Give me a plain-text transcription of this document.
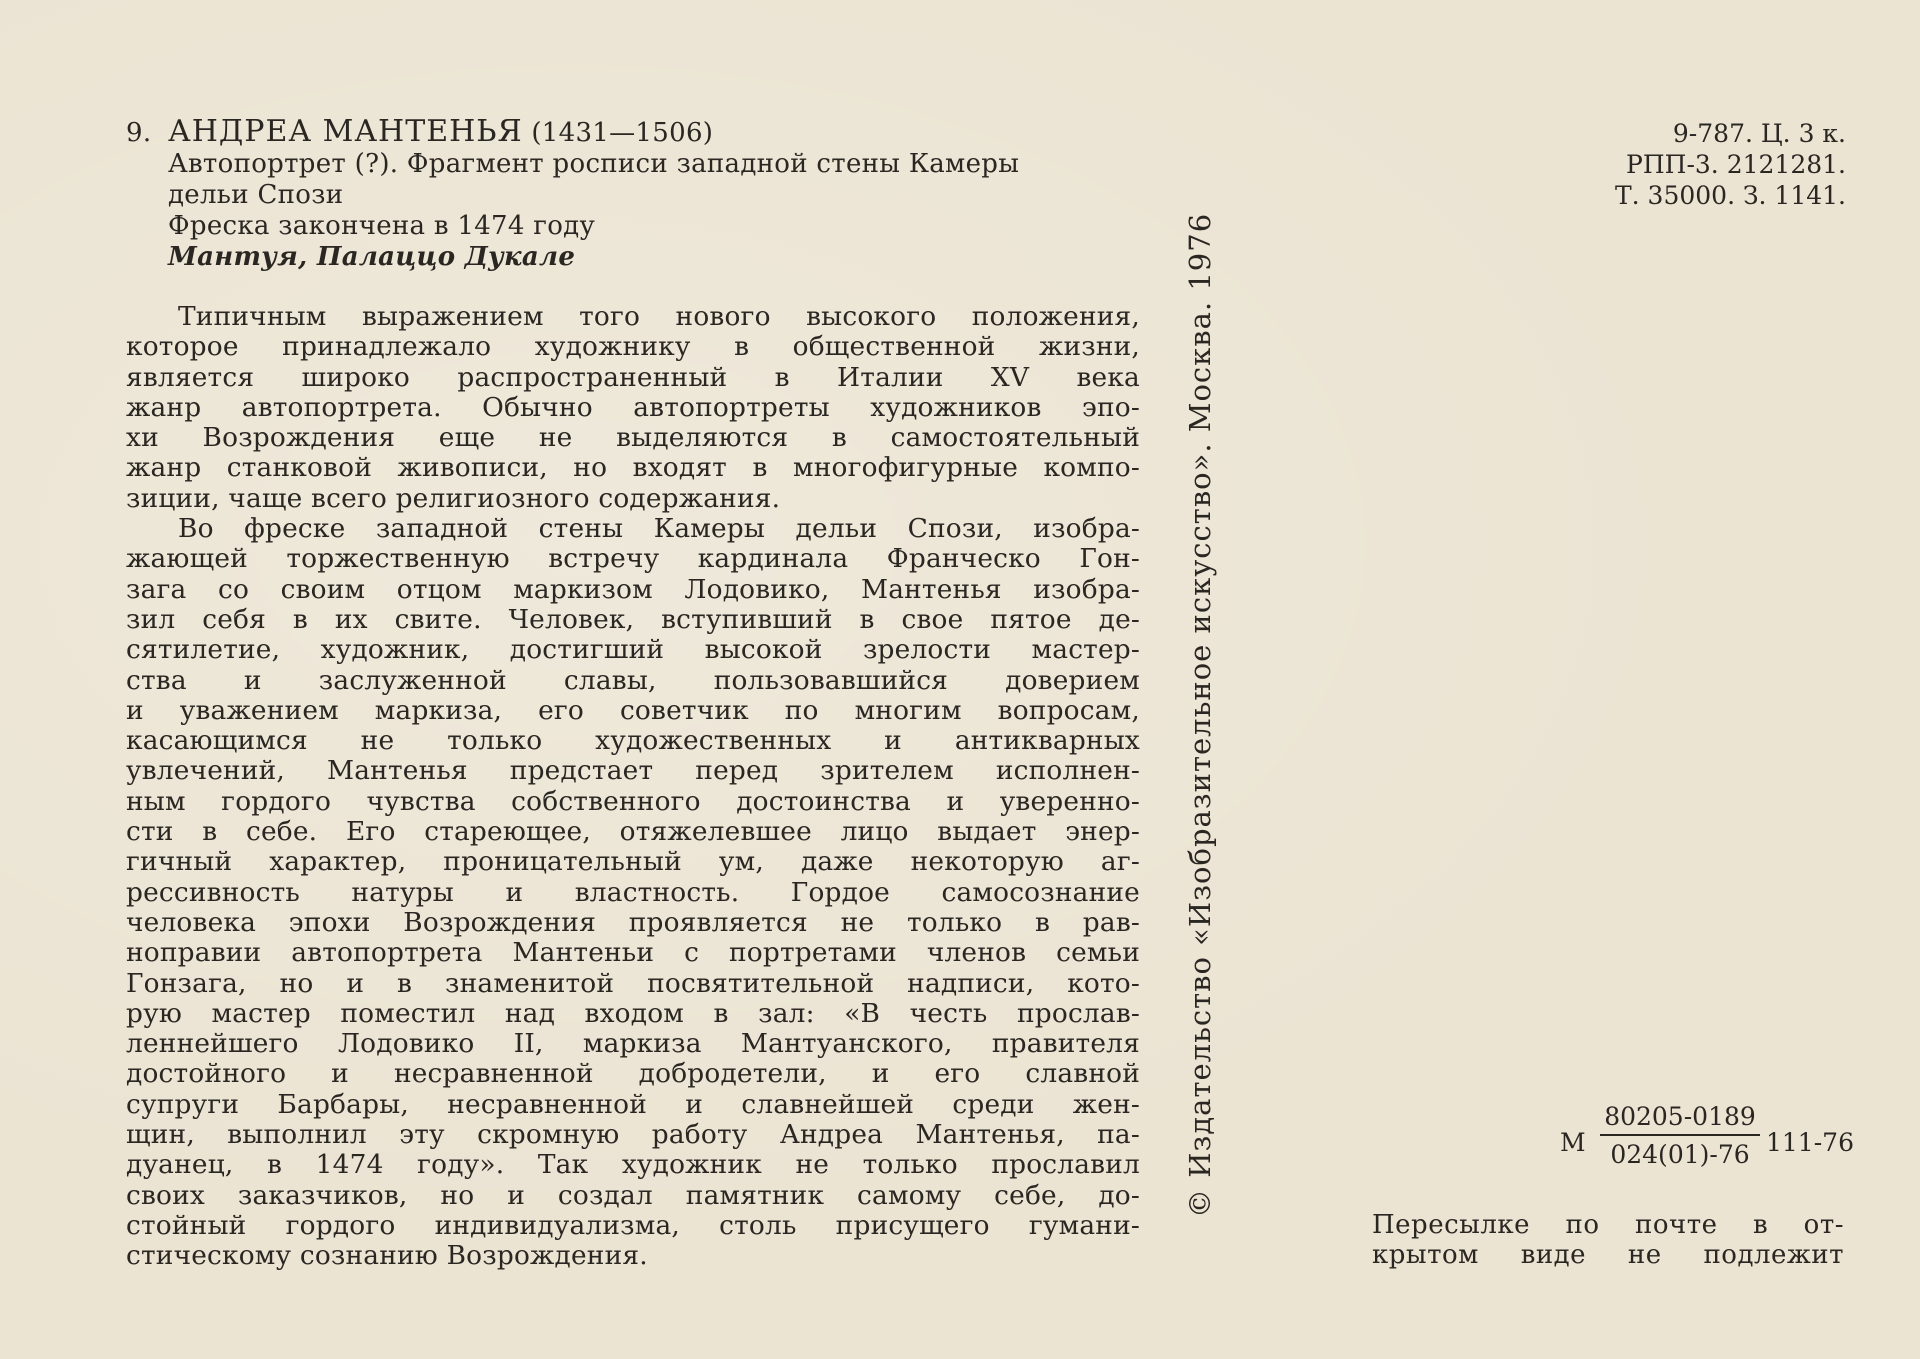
9. АНДРЕА МАНТЕНЬЯ (1431—1506)
Автопортрет (?). Фрагмент росписи западной стены Камеры
дельи Спози
Фреска закончена в 1474 году
Мантуя, Палаццо Дукале
Типичным выражением того нового высокого положения,
которое принадлежало художнику в общественной жизни,
является широко распространенный в Италии XV века
жанр автопортрета. Обычно автопортреты художников эпо-
хи Возрождения еще не выделяются в самостоятельный
жанр станковой живописи, но входят в многофигурные компо-
зиции, чаще всего религиозного содержания.
Во фреске западной стены Камеры дельи Спози, изобра-
жающей торжественную встречу кардинала Франческо Гон-
зага со своим отцом маркизом Лодовико, Мантенья изобра-
зил себя в их свите. Человек, вступивший в свое пятое де-
сятилетие, художник, достигший высокой зрелости мастер-
ства и заслуженной славы, пользовавшийся доверием
и уважением маркиза, его советчик по многим вопросам,
касающимся не только художественных и антикварных
увлечений, Мантенья предстает перед зрителем исполнен-
ным гордого чувства собственного достоинства и уверенно-
сти в себе. Его стареющее, отяжелевшее лицо выдает энер-
гичный характер, проницательный ум, даже некоторую аг-
рессивность натуры и властность. Гордое самосознание
человека эпохи Возрождения проявляется не только в рав-
ноправии автопортрета Мантеньи с портретами членов семьи
Гонзага, но и в знаменитой посвятительной надписи, кото-
рую мастер поместил над входом в зал: «В честь прослав-
леннейшего Лодовико II, маркиза Мантуанского, правителя
достойного и несравненной добродетели, и его славной
супруги Барбары, несравненной и славнейшей среди жен-
щин, выполнил эту скромную работу Андреа Мантенья, па-
дуанец, в 1474 году». Так художник не только прославил
своих заказчиков, но и создал памятник самому себе, до-
стойный гордого индивидуализма, столь присущего гумани-
стическому сознанию Возрождения.
© Издательство «Изобразительное искусство». Москва. 1976
9-787. Ц. 3 к.
РПП-3. 2121281.
Т. 35000. З. 1141.
М
80205-0189
024(01)-76 111-76
Пересылке по почте в от-
крытом виде не подлежит
